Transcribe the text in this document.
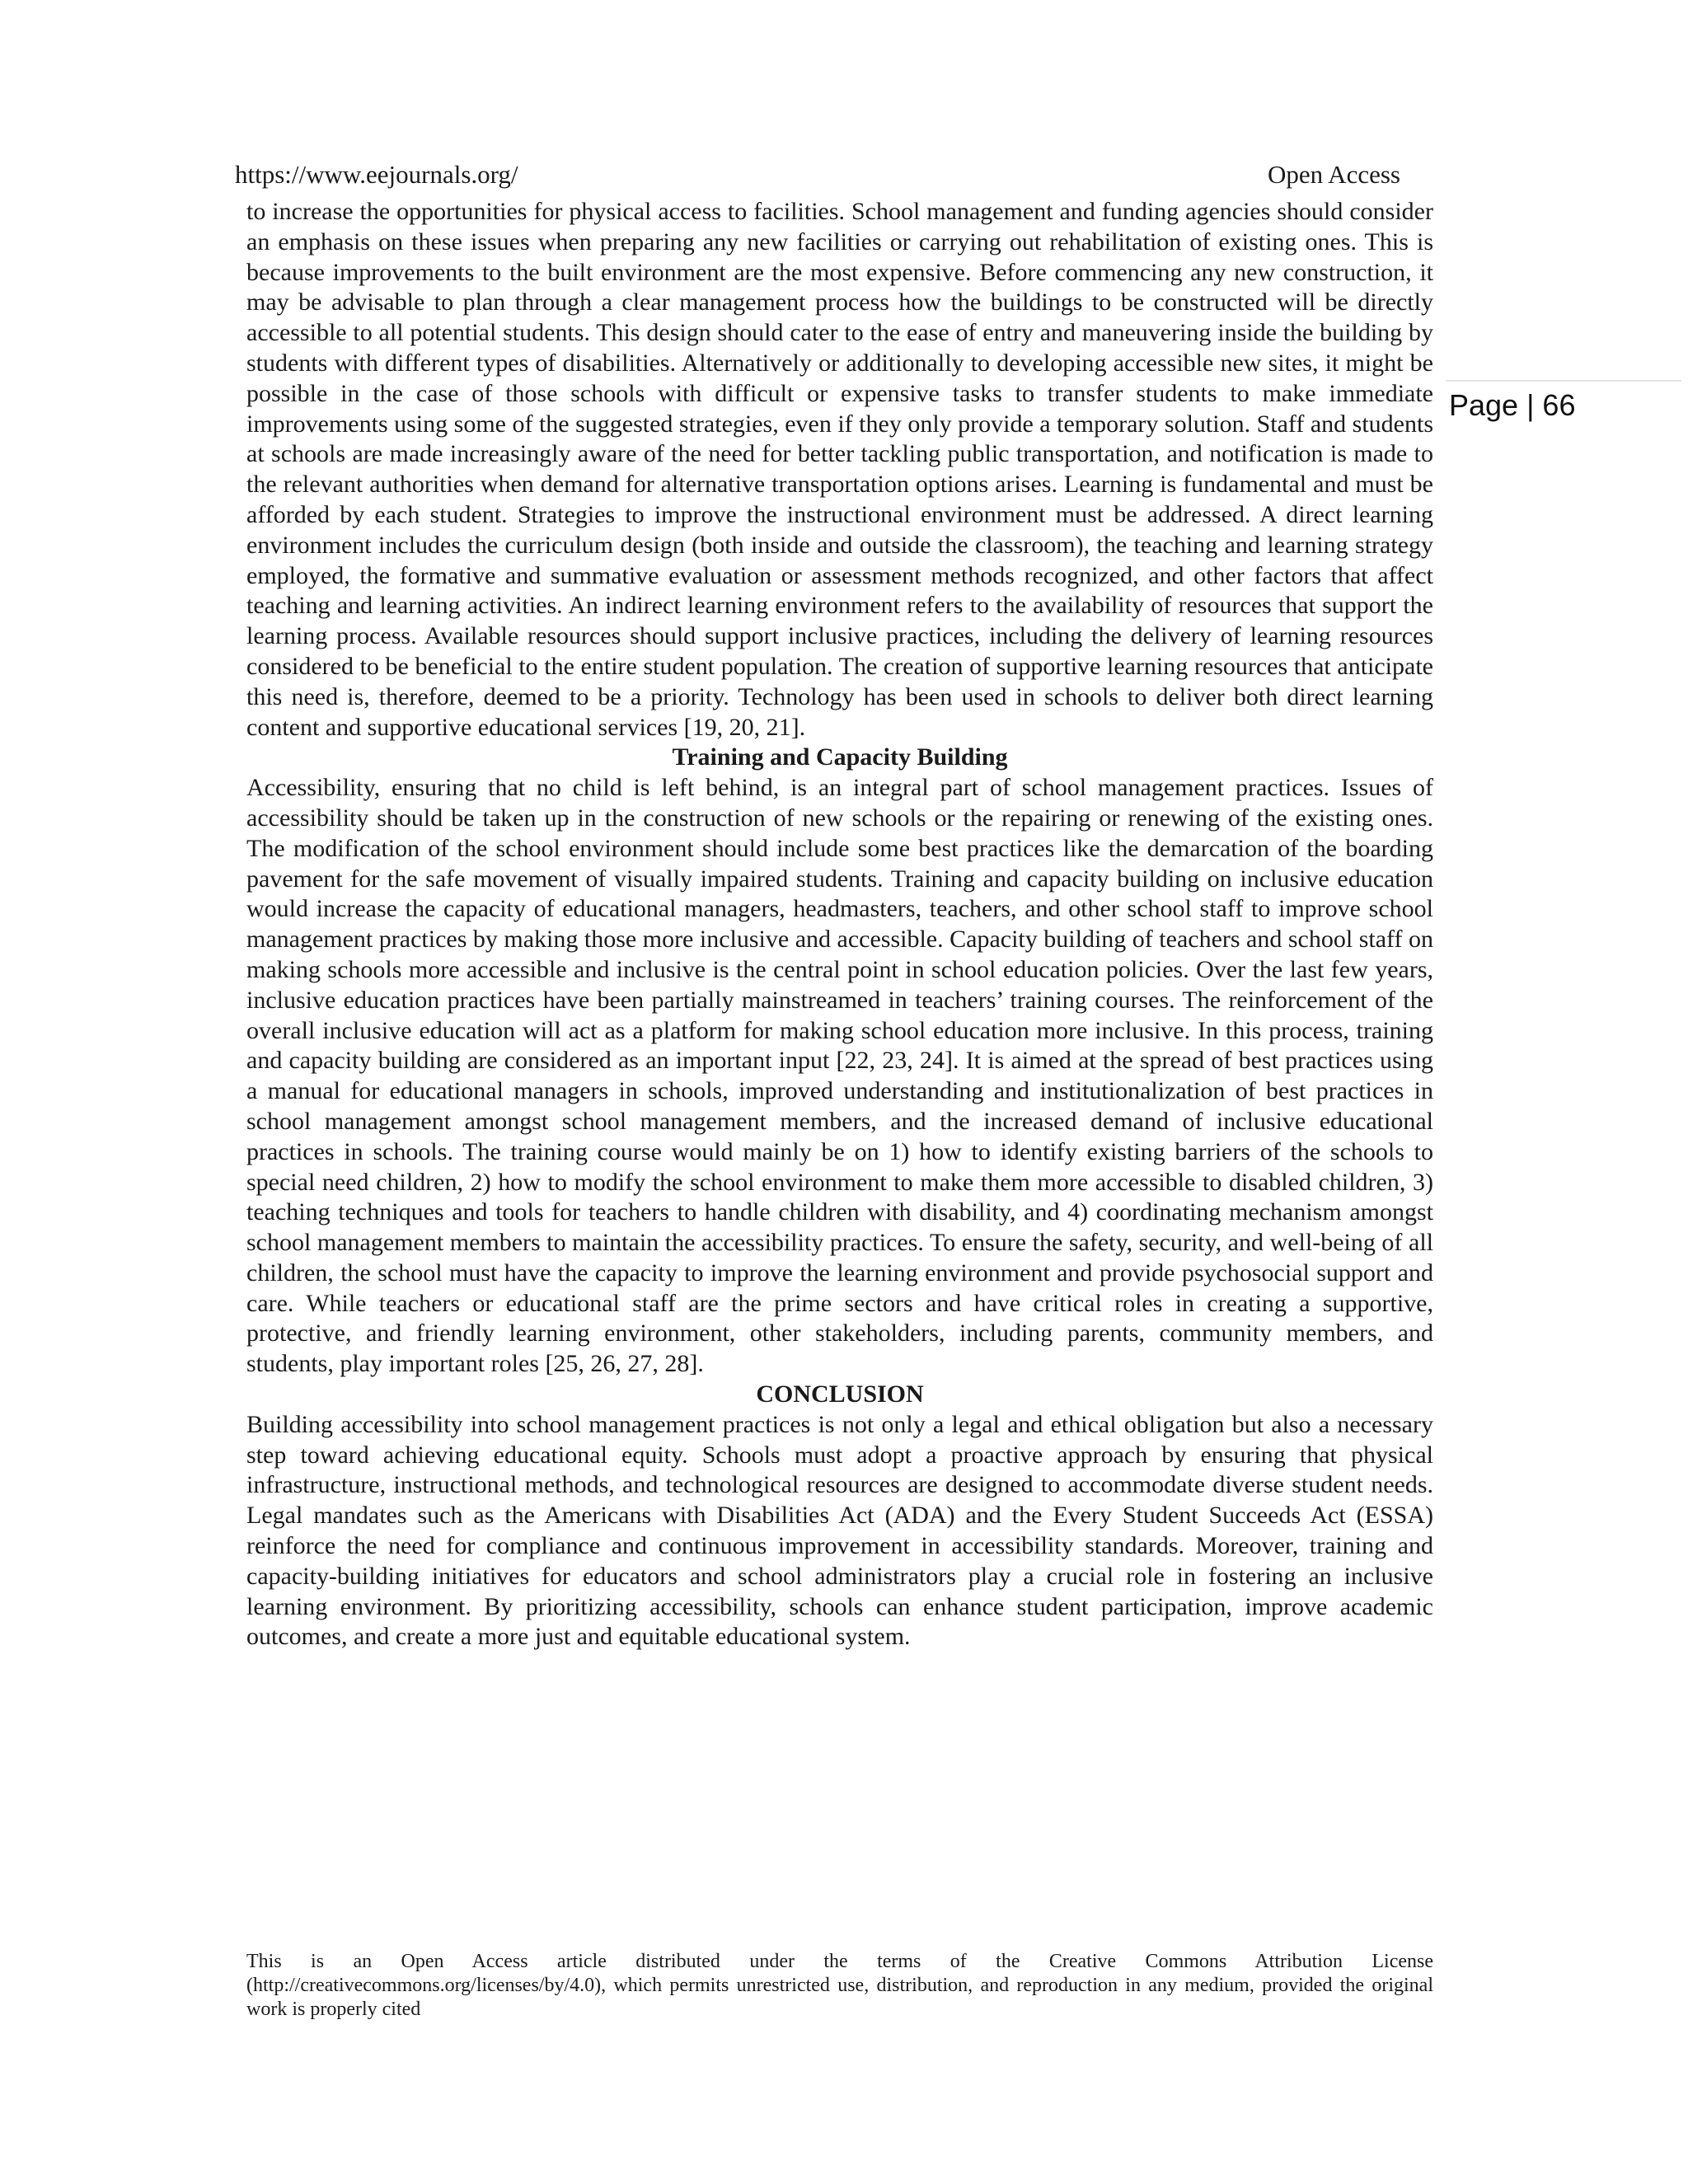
https://www.eejournals.org/	Open Access
Page | 66

to increase the opportunities for physical access to facilities. School management and funding agencies should consider an emphasis on these issues when preparing any new facilities or carrying out rehabilitation of existing ones. This is because improvements to the built environment are the most expensive. Before commencing any new construction, it may be advisable to plan through a clear management process how the buildings to be constructed will be directly accessible to all potential students. This design should cater to the ease of entry and maneuvering inside the building by students with different types of disabilities. Alternatively or additionally to developing accessible new sites, it might be possible in the case of those schools with difficult or expensive tasks to transfer students to make immediate improvements using some of the suggested strategies, even if they only provide a temporary solution. Staff and students at schools are made increasingly aware of the need for better tackling public transportation, and notification is made to the relevant authorities when demand for alternative transportation options arises. Learning is fundamental and must be afforded by each student. Strategies to improve the instructional environment must be addressed. A direct learning environment includes the curriculum design (both inside and outside the classroom), the teaching and learning strategy employed, the formative and summative evaluation or assessment methods recognized, and other factors that affect teaching and learning activities. An indirect learning environment refers to the availability of resources that support the learning process. Available resources should support inclusive practices, including the delivery of learning resources considered to be beneficial to the entire student population. The creation of supportive learning resources that anticipate this need is, therefore, deemed to be a priority. Technology has been used in schools to deliver both direct learning content and supportive educational services [19, 20, 21].

Training and Capacity Building

Accessibility, ensuring that no child is left behind, is an integral part of school management practices. Issues of accessibility should be taken up in the construction of new schools or the repairing or renewing of the existing ones. The modification of the school environment should include some best practices like the demarcation of the boarding pavement for the safe movement of visually impaired students. Training and capacity building on inclusive education would increase the capacity of educational managers, headmasters, teachers, and other school staff to improve school management practices by making those more inclusive and accessible. Capacity building of teachers and school staff on making schools more accessible and inclusive is the central point in school education policies. Over the last few years, inclusive education practices have been partially mainstreamed in teachers’ training courses. The reinforcement of the overall inclusive education will act as a platform for making school education more inclusive. In this process, training and capacity building are considered as an important input [22, 23, 24]. It is aimed at the spread of best practices using a manual for educational managers in schools, improved understanding and institutionalization of best practices in school management amongst school management members, and the increased demand of inclusive educational practices in schools. The training course would mainly be on 1) how to identify existing barriers of the schools to special need children, 2) how to modify the school environment to make them more accessible to disabled children, 3) teaching techniques and tools for teachers to handle children with disability, and 4) coordinating mechanism amongst school management members to maintain the accessibility practices. To ensure the safety, security, and well-being of all children, the school must have the capacity to improve the learning environment and provide psychosocial support and care. While teachers or educational staff are the prime sectors and have critical roles in creating a supportive, protective, and friendly learning environment, other stakeholders, including parents, community members, and students, play important roles [25, 26, 27, 28].

CONCLUSION

Building accessibility into school management practices is not only a legal and ethical obligation but also a necessary step toward achieving educational equity. Schools must adopt a proactive approach by ensuring that physical infrastructure, instructional methods, and technological resources are designed to accommodate diverse student needs. Legal mandates such as the Americans with Disabilities Act (ADA) and the Every Student Succeeds Act (ESSA) reinforce the need for compliance and continuous improvement in accessibility standards. Moreover, training and capacity-building initiatives for educators and school administrators play a crucial role in fostering an inclusive learning environment. By prioritizing accessibility, schools can enhance student participation, improve academic outcomes, and create a more just and equitable educational system.

This is an Open Access article distributed under the terms of the Creative Commons Attribution License (http://creativecommons.org/licenses/by/4.0), which permits unrestricted use, distribution, and reproduction in any medium, provided the original work is properly cited
